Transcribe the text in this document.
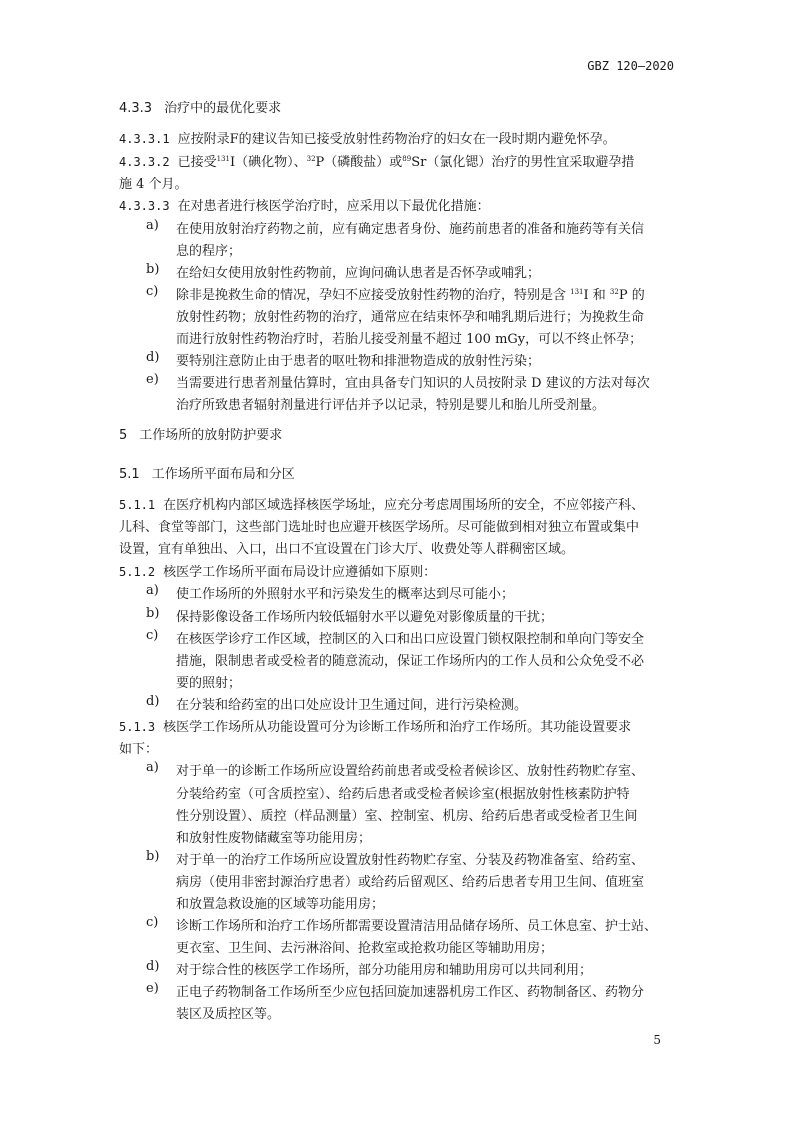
GBZ 120—2020
4.3.3 治疗中的最优化要求
4.3.3.1 应按附录F的建议告知已接受放射性药物治疗的妇女在一段时期内避免怀孕。
4.3.3.2 已接受$^{131}$I（碘化物）、$^{32}$P（磷酸盐）或$^{89}$Sr（氯化锶）治疗的男性宜采取避孕措
施 4 个月。
4.3.3.3 在对患者进行核医学治疗时，应采用以下最优化措施：
a)	在使用放射治疗药物之前，应有确定患者身份、施药前患者的准备和施药等有关信
息的程序；
b)	在给妇女使用放射性药物前，应询问确认患者是否怀孕或哺乳；
c)	除非是挽救生命的情况，孕妇不应接受放射性药物的治疗，特别是含 $^{131}$I 和 $^{32}$P 的
放射性药物；放射性药物的治疗，通常应在结束怀孕和哺乳期后进行；为挽救生命
而进行放射性药物治疗时，若胎儿接受剂量不超过 100 mGy，可以不终止怀孕；
d)	要特别注意防止由于患者的呕吐物和排泄物造成的放射性污染；
e)	当需要进行患者剂量估算时，宜由具备专门知识的人员按附录 D 建议的方法对每次
治疗所致患者辐射剂量进行评估并予以记录，特别是婴儿和胎儿所受剂量。
5 工作场所的放射防护要求
5.1 工作场所平面布局和分区
5.1.1 在医疗机构内部区域选择核医学场址，应充分考虑周围场所的安全，不应邻接产科、
儿科、食堂等部门，这些部门选址时也应避开核医学场所。尽可能做到相对独立布置或集中
设置，宜有单独出、入口，出口不宜设置在门诊大厅、收费处等人群稠密区域。
5.1.2 核医学工作场所平面布局设计应遵循如下原则：
a)	使工作场所的外照射水平和污染发生的概率达到尽可能小；
b)	保持影像设备工作场所内较低辐射水平以避免对影像质量的干扰；
c)	在核医学诊疗工作区域，控制区的入口和出口应设置门锁权限控制和单向门等安全
措施，限制患者或受检者的随意流动，保证工作场所内的工作人员和公众免受不必
要的照射；
d)	在分装和给药室的出口处应设计卫生通过间，进行污染检测。
5.1.3 核医学工作场所从功能设置可分为诊断工作场所和治疗工作场所。其功能设置要求
如下：
a)	对于单一的诊断工作场所应设置给药前患者或受检者候诊区、放射性药物贮存室、
分装给药室（可含质控室）、给药后患者或受检者候诊室(根据放射性核素防护特
性分别设置）、质控（样品测量）室、控制室、机房、给药后患者或受检者卫生间
和放射性废物储藏室等功能用房；
b)	对于单一的治疗工作场所应设置放射性药物贮存室、分装及药物准备室、给药室、
病房（使用非密封源治疗患者）或给药后留观区、给药后患者专用卫生间、值班室
和放置急救设施的区域等功能用房；
c)	诊断工作场所和治疗工作场所都需要设置清洁用品储存场所、员工休息室、护士站、
更衣室、卫生间、去污淋浴间、抢救室或抢救功能区等辅助用房；
d)	对于综合性的核医学工作场所，部分功能用房和辅助用房可以共同利用；
e)	正电子药物制备工作场所至少应包括回旋加速器机房工作区、药物制备区、药物分
装区及质控区等。
5
